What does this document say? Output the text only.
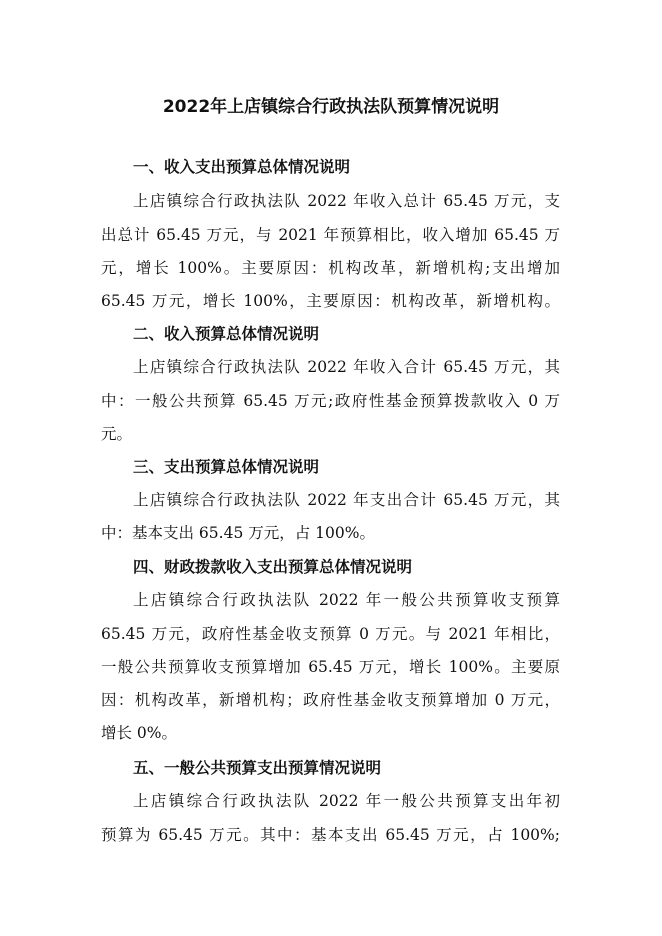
2022年上店镇综合行政执法队预算情况说明
一、收入支出预算总体情况说明
上店镇综合行政执法队 2022 年收入总计 65.45 万元，支
出总计 65.45 万元，与 2021 年预算相比，收入增加 65.45 万
元，增长 100%。主要原因：机构改革，新增机构;支出增加
65.45 万元，增长 100%，主要原因：机构改革，新增机构。
二、收入预算总体情况说明
上店镇综合行政执法队 2022 年收入合计 65.45 万元，其
中：一般公共预算 65.45 万元;政府性基金预算拨款收入 0 万
元。
三、支出预算总体情况说明
上店镇综合行政执法队 2022 年支出合计 65.45 万元，其
中：基本支出 65.45 万元，占 100%。
四、财政拨款收入支出预算总体情况说明
上店镇综合行政执法队 2022 年一般公共预算收支预算
65.45 万元，政府性基金收支预算 0 万元。与 2021 年相比，
一般公共预算收支预算增加 65.45 万元，增长 100%。主要原
因：机构改革，新增机构；政府性基金收支预算增加 0 万元，
增长 0%。
五、一般公共预算支出预算情况说明
上店镇综合行政执法队 2022 年一般公共预算支出年初
预算为 65.45 万元。其中：基本支出 65.45 万元，占 100%;
